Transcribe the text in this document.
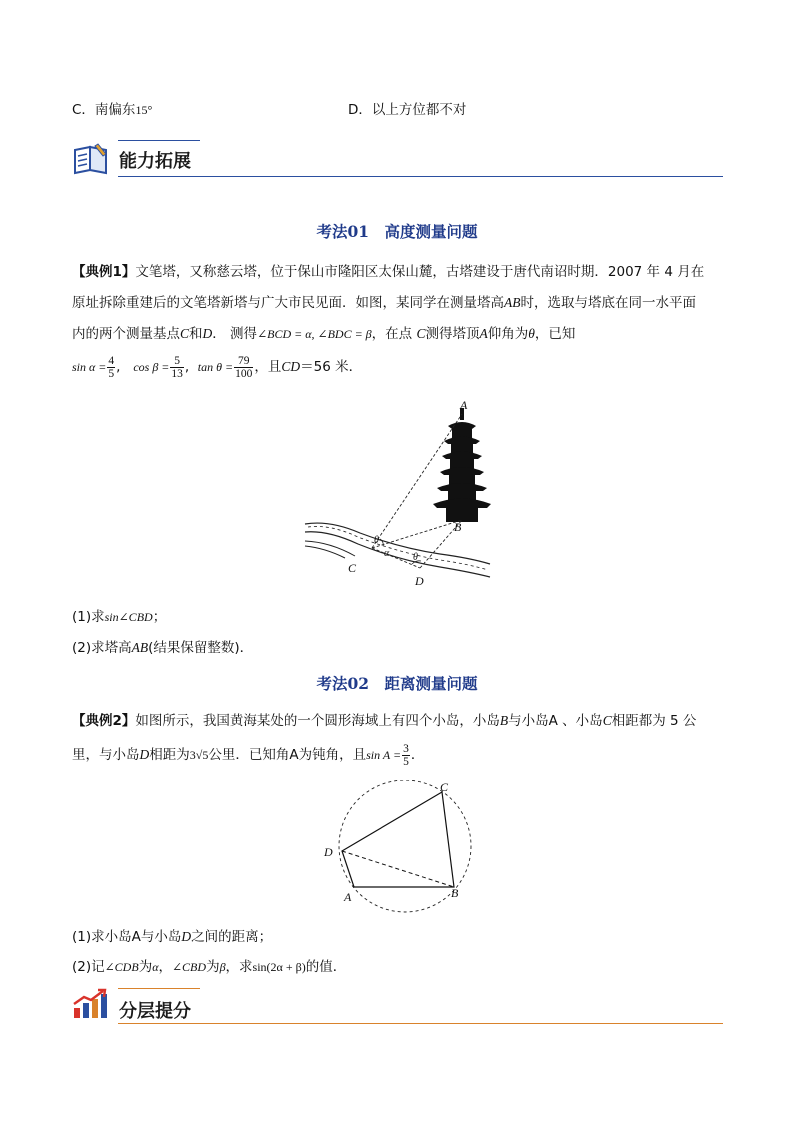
C．南偏东15°	D．以上方位都不对
能力拓展
考法01　高度测量问题
【典例1】文笔塔，又称慈云塔，位于保山市隆阳区太保山麓，古塔建设于唐代南诏时期．2007 年 4 月在
原址拆除重建后的文笔塔新塔与广大市民见面．如图，某同学在测量塔高AB时，选取与塔底在同一水平面
内的两个测量基点C和D． 测得∠BCD = α, ∠BDC = β，在点 C测得塔顶A仰角为θ，已知
$\sin \alpha = \frac{4}{5}$ ,   $\cos \beta = \frac{5}{13}$ ,  $\tan \theta = \frac{79}{100}$ ，且CD＝56 米．
A
B
C
D
θ
α θ
(1)求sin∠CBD；
(2)求塔高AB(结果保留整数)．
考法02　距离测量问题
【典例2】如图所示，我国黄海某处的一个圆形海域上有四个小岛，小岛B与小岛A 、小岛C相距都为 5 公
里，与小岛D相距为3√5公里．已知角A为钝角，且$\sin A = \frac{3}{5}$ ．
C
D
A	B
(1)求小岛A与小岛D之间的距离；
(2)记∠CDB为α，∠CBD为β，求sin(2α + β)的值．
分层提分
